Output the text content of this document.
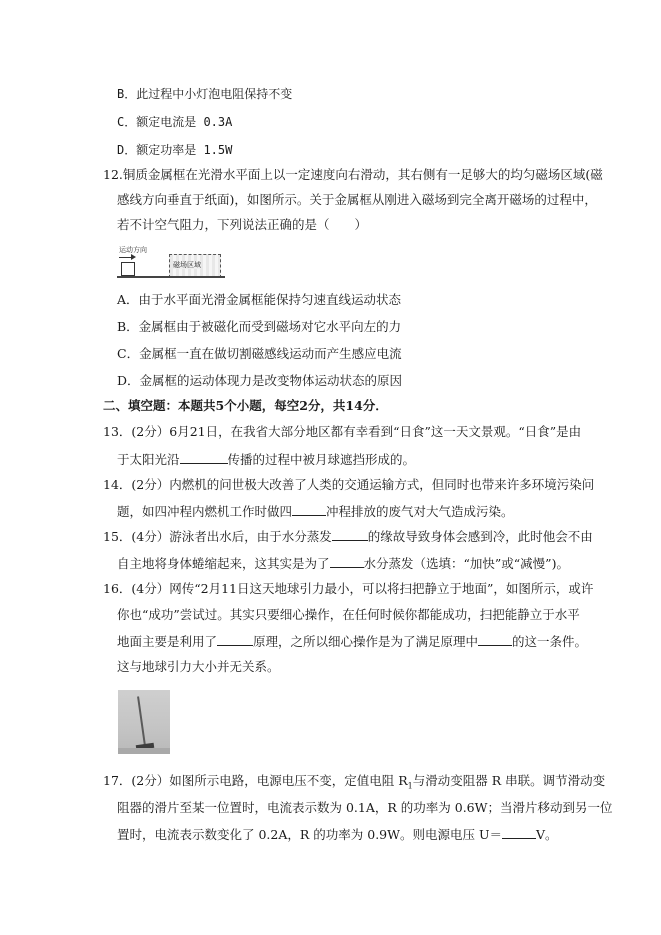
B．此过程中小灯泡电阻保持不变
C．额定电流是 0.3A
D．额定功率是 1.5W
12.铜质金属框在光滑水平面上以一定速度向右滑动，其右侧有一足够大的均匀磁场区域(磁
感线方向垂直于纸面)，如图所示。关于金属框从刚进入磁场到完全离开磁场的过程中，
若不计空气阻力，下列说法正确的是（　　）
运动方向
磁场区域
A．由于水平面光滑金属框能保持匀速直线运动状态
B．金属框由于被磁化而受到磁场对它水平向左的力
C．金属框一直在做切割磁感线运动而产生感应电流
D．金属框的运动体现力是改变物体运动状态的原因
二、填空题：本题共5个小题，每空2分，共14分．
13．(2分）6月21日，在我省大部分地区都有幸看到“日食”这一天文景观。“日食”是由
于太阳光沿	传播的过程中被月球遮挡形成的。
14．(2分）内燃机的问世极大改善了人类的交通运输方式，但同时也带来许多环境污染问
题，如四冲程内燃机工作时做四	冲程排放的废气对大气造成污染。
15．(4分）游泳者出水后，由于水分蒸发	的缘故导致身体会感到冷，此时他会不由
自主地将身体蜷缩起来，这其实是为了	水分蒸发（选填：“加快”或“减慢”)。
16．(4分）网传“2月11日这天地球引力最小，可以将扫把静立于地面”，如图所示，或许
你也“成功”尝试过。其实只要细心操作，在任何时候你都能成功，扫把能静立于水平
地面主要是利用了	原理，之所以细心操作是为了满足原理中	的这一条件。
这与地球引力大小并无关系。
17．(2分）如图所示电路，电源电压不变，定值电阻 $R_1$与滑动变阻器 R 串联。调节滑动变
阻器的滑片至某一位置时，电流表示数为 0.1A，R 的功率为 0.6W；当滑片移动到另一位
置时，电流表示数变化了 0.2A，R 的功率为 0.9W。则电源电压 U＝	V。
